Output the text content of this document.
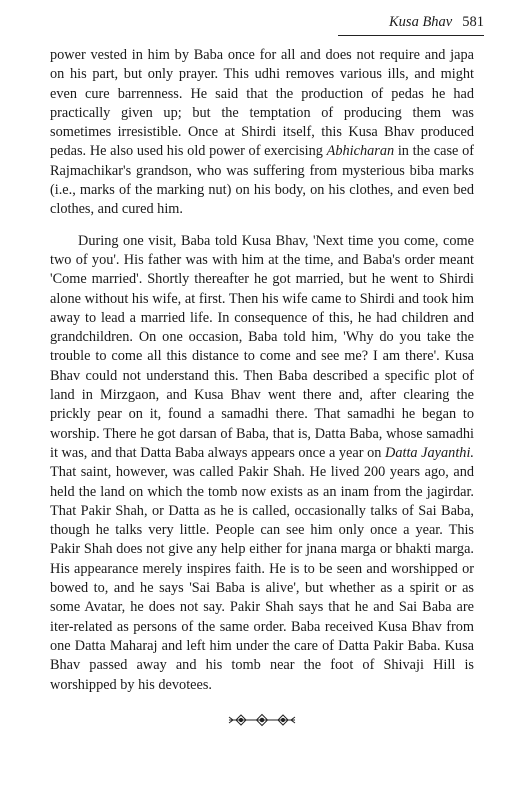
Kusa Bhav 581

power vested in him by Baba once for all and does not require and japa on his part, but only prayer. This udhi removes various ills, and might even cure barrenness. He said that the production of pedas he had practically given up; but the temptation of producing them was sometimes irresistible. Once at Shirdi itself, this Kusa Bhav produced pedas. He also used his old power of exercising Abhicharan in the case of Rajmachikar's grandson, who was suffering from mysterious biba marks (i.e., marks of the marking nut) on his body, on his clothes, and even bed clothes, and cured him.

During one visit, Baba told Kusa Bhav, 'Next time you come, come two of you'. His father was with him at the time, and Baba's order meant 'Come married'. Shortly thereafter he got married, but he went to Shirdi alone without his wife, at first. Then his wife came to Shirdi and took him away to lead a married life. In consequence of this, he had children and grandchildren. On one occasion, Baba told him, 'Why do you take the trouble to come all this distance to come and see me? I am there'. Kusa Bhav could not understand this. Then Baba described a specific plot of land in Mirzgaon, and Kusa Bhav went there and, after clearing the prickly pear on it, found a samadhi there. That samadhi he began to worship. There he got darsan of Baba, that is, Datta Baba, whose samadhi it was, and that Datta Baba always appears once a year on Datta Jayanthi. That saint, however, was called Pakir Shah. He lived 200 years ago, and held the land on which the tomb now exists as an inam from the jagirdar. That Pakir Shah, or Datta as he is called, occasionally talks of Sai Baba, though he talks very little. People can see him only once a year. This Pakir Shah does not give any help either for jnana marga or bhakti marga. His appearance merely inspires faith. He is to be seen and worshipped or bowed to, and he says 'Sai Baba is alive', but whether as a spirit or as some Avatar, he does not say. Pakir Shah says that he and Sai Baba are iter-related as persons of the same order. Baba received Kusa Bhav from one Datta Maharaj and left him under the care of Datta Pakir Baba. Kusa Bhav passed away and his tomb near the foot of Shivaji Hill is worshipped by his devotees.
